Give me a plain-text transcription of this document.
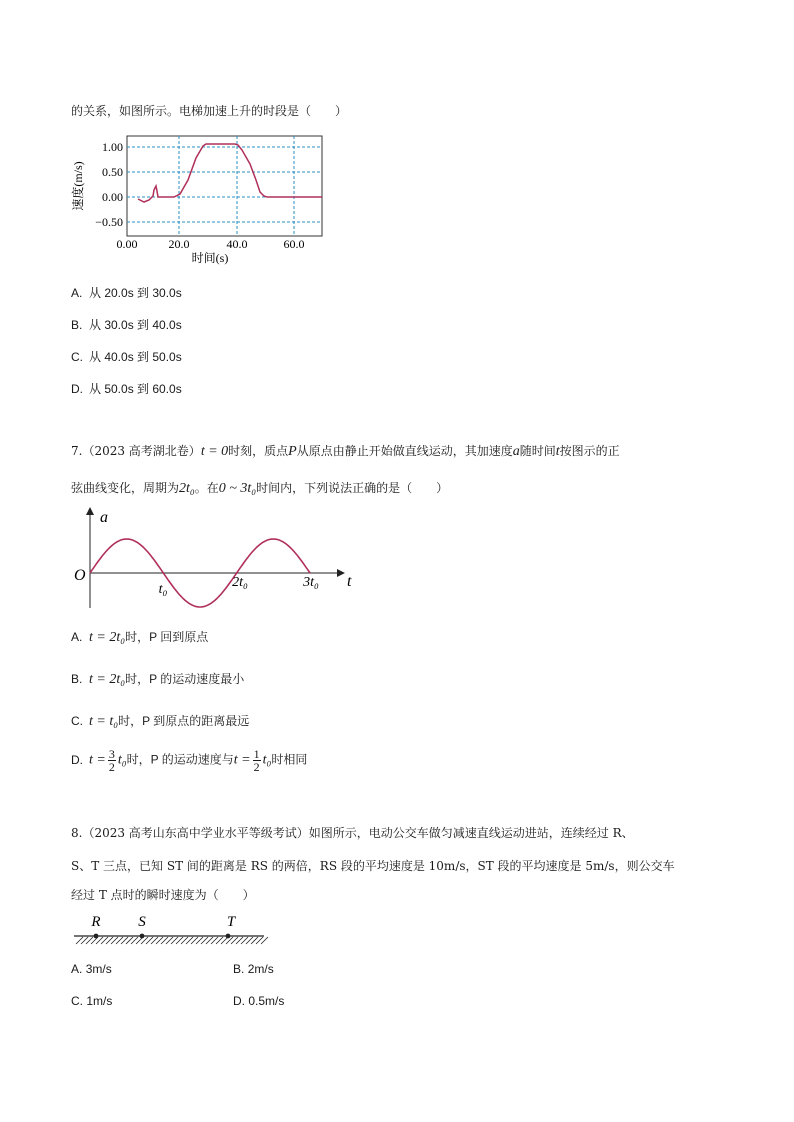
的关系，如图所示。电梯加速上升的时段是（　　）
1.00
0.50
0.00
−0.50
0.00	20.0	40.0	60.0
速度(m/s)
时间(s)
A. 从 20.0s 到 30.0s
B. 从 30.0s 到 40.0s
C. 从 40.0s 到 50.0s
D. 从 50.0s 到 60.0s
7.（2023 高考湖北卷）t = 0时刻，质点P从原点由静止开始做直线运动，其加速度a随时间t按图示的正
弦曲线变化，周期为2t₀。在0 ~ 3t₀时间内，下列说法正确的是（　　）
a
O	t
t₀	2t₀	3t₀
A. t = 2t₀时，P 回到原点
B. t = 2t₀时，P 的运动速度最小
C. t = t₀时，P 到原点的距离最远
D. $t = \frac{3}{2} t_0$时，P 的运动速度与$t = \frac{1}{2} t_0$时相同
8.（2023 高考山东高中学业水平等级考试）如图所示，电动公交车做匀减速直线运动进站，连续经过 R、
S、T 三点，已知 ST 间的距离是 RS 的两倍，RS 段的平均速度是 10m/s，ST 段的平均速度是 5m/s，则公交车
经过 T 点时的瞬时速度为（　　）
R	S	T
A. 3m/s	B. 2m/s
C. 1m/s	D. 0.5m/s
